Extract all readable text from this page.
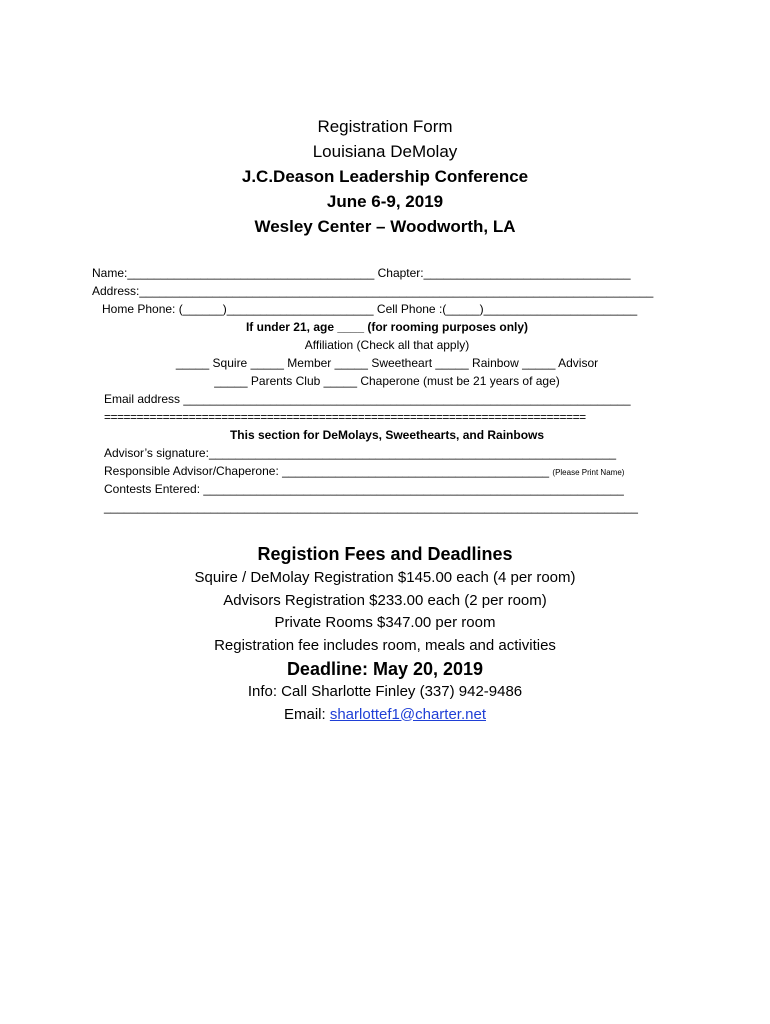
Registration Form
Louisiana DeMolay
J.C.Deason Leadership Conference
June 6-9, 2019
Wesley Center – Woodworth, LA
Name:_____________________________________ Chapter:_______________________________
Address:_____________________________________________________________________________
Home Phone: (______)______________________ Cell Phone :(_____)_______________________
If under 21, age ____ (for rooming purposes only)
Affiliation (Check all that apply)
_____ Squire _____ Member _____ Sweetheart _____ Rainbow _____ Advisor
_____ Parents Club _____ Chaperone (must be 21 years of age)
Email address ___________________________________________________________________
==========================================================================
This section for DeMolays, Sweethearts, and Rainbows
Advisor’s signature:_____________________________________________________________
Responsible Advisor/Chaperone: ________________________________________ (Please Print Name)
Contests Entered: _______________________________________________________________
________________________________________________________________________________
Registion Fees and Deadlines
Squire / DeMolay Registration $145.00 each (4 per room)
Advisors Registration $233.00 each (2 per room)
Private Rooms $347.00 per room
Registration fee includes room, meals and activities
Deadline: May 20, 2019
Info: Call Sharlotte Finley (337) 942-9486
Email: sharlottef1@charter.net
